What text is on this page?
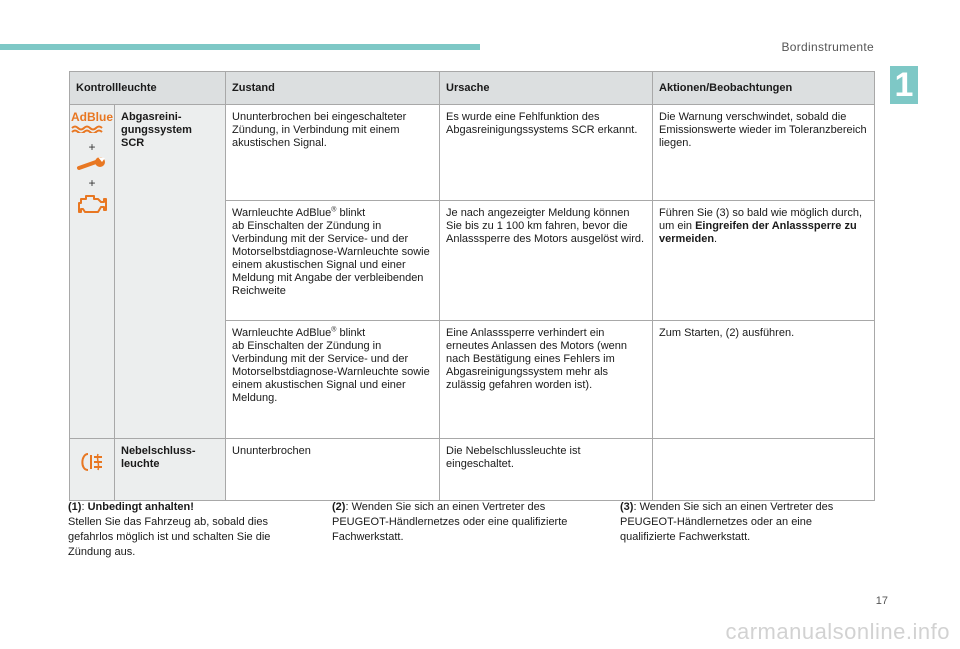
Bordinstrumente
1
Kontrollleuchte		Zustand	Ursache	Aktionen/Beobachtungen

AdBlue
+
+	Abgasreini-
gungssystem
SCR	Ununterbrochen bei eingeschalteter Zündung, in Verbindung mit einem akustischen Signal.	Es wurde eine Fehlfunktion des Abgasreinigungssystems SCR erkannt.	Die Warnung verschwindet, sobald die Emissionswerte wieder im Toleranzbereich liegen.
		Warnleuchte AdBlue® blinkt
ab Einschalten der Zündung in Verbindung mit der Service- und der Motorselbstdiagnose-Warnleuchte sowie einem akustischen Signal und einer Meldung mit Angabe der verbleibenden Reichweite	Je nach angezeigter Meldung können Sie bis zu 1 100 km fahren, bevor die Anlasssperre des Motors ausgelöst wird.	Führen Sie (3) so bald wie möglich durch, um ein Eingreifen der Anlasssperre zu vermeiden.
		Warnleuchte AdBlue® blinkt
ab Einschalten der Zündung in Verbindung mit der Service- und der Motorselbstdiagnose-Warnleuchte sowie einem akustischen Signal und einer Meldung.	Eine Anlasssperre verhindert ein erneutes Anlassen des Motors (wenn nach Bestätigung eines Fehlers im Abgasreinigungssystem mehr als zulässig gefahren worden ist).	Zum Starten, (2) ausführen.
	Nebelschluss-
leuchte	Ununterbrochen	Die Nebelschlussleuchte ist eingeschaltet.	
(1): Unbedingt anhalten!
Stellen Sie das Fahrzeug ab, sobald dies gefahrlos möglich ist und schalten Sie die Zündung aus.
(2): Wenden Sie sich an einen Vertreter des PEUGEOT-Händlernetzes oder eine qualifizierte Fachwerkstatt.
(3): Wenden Sie sich an einen Vertreter des PEUGEOT-Händlernetzes oder an eine qualifizierte Fachwerkstatt.
17
carmanualsonline.info
